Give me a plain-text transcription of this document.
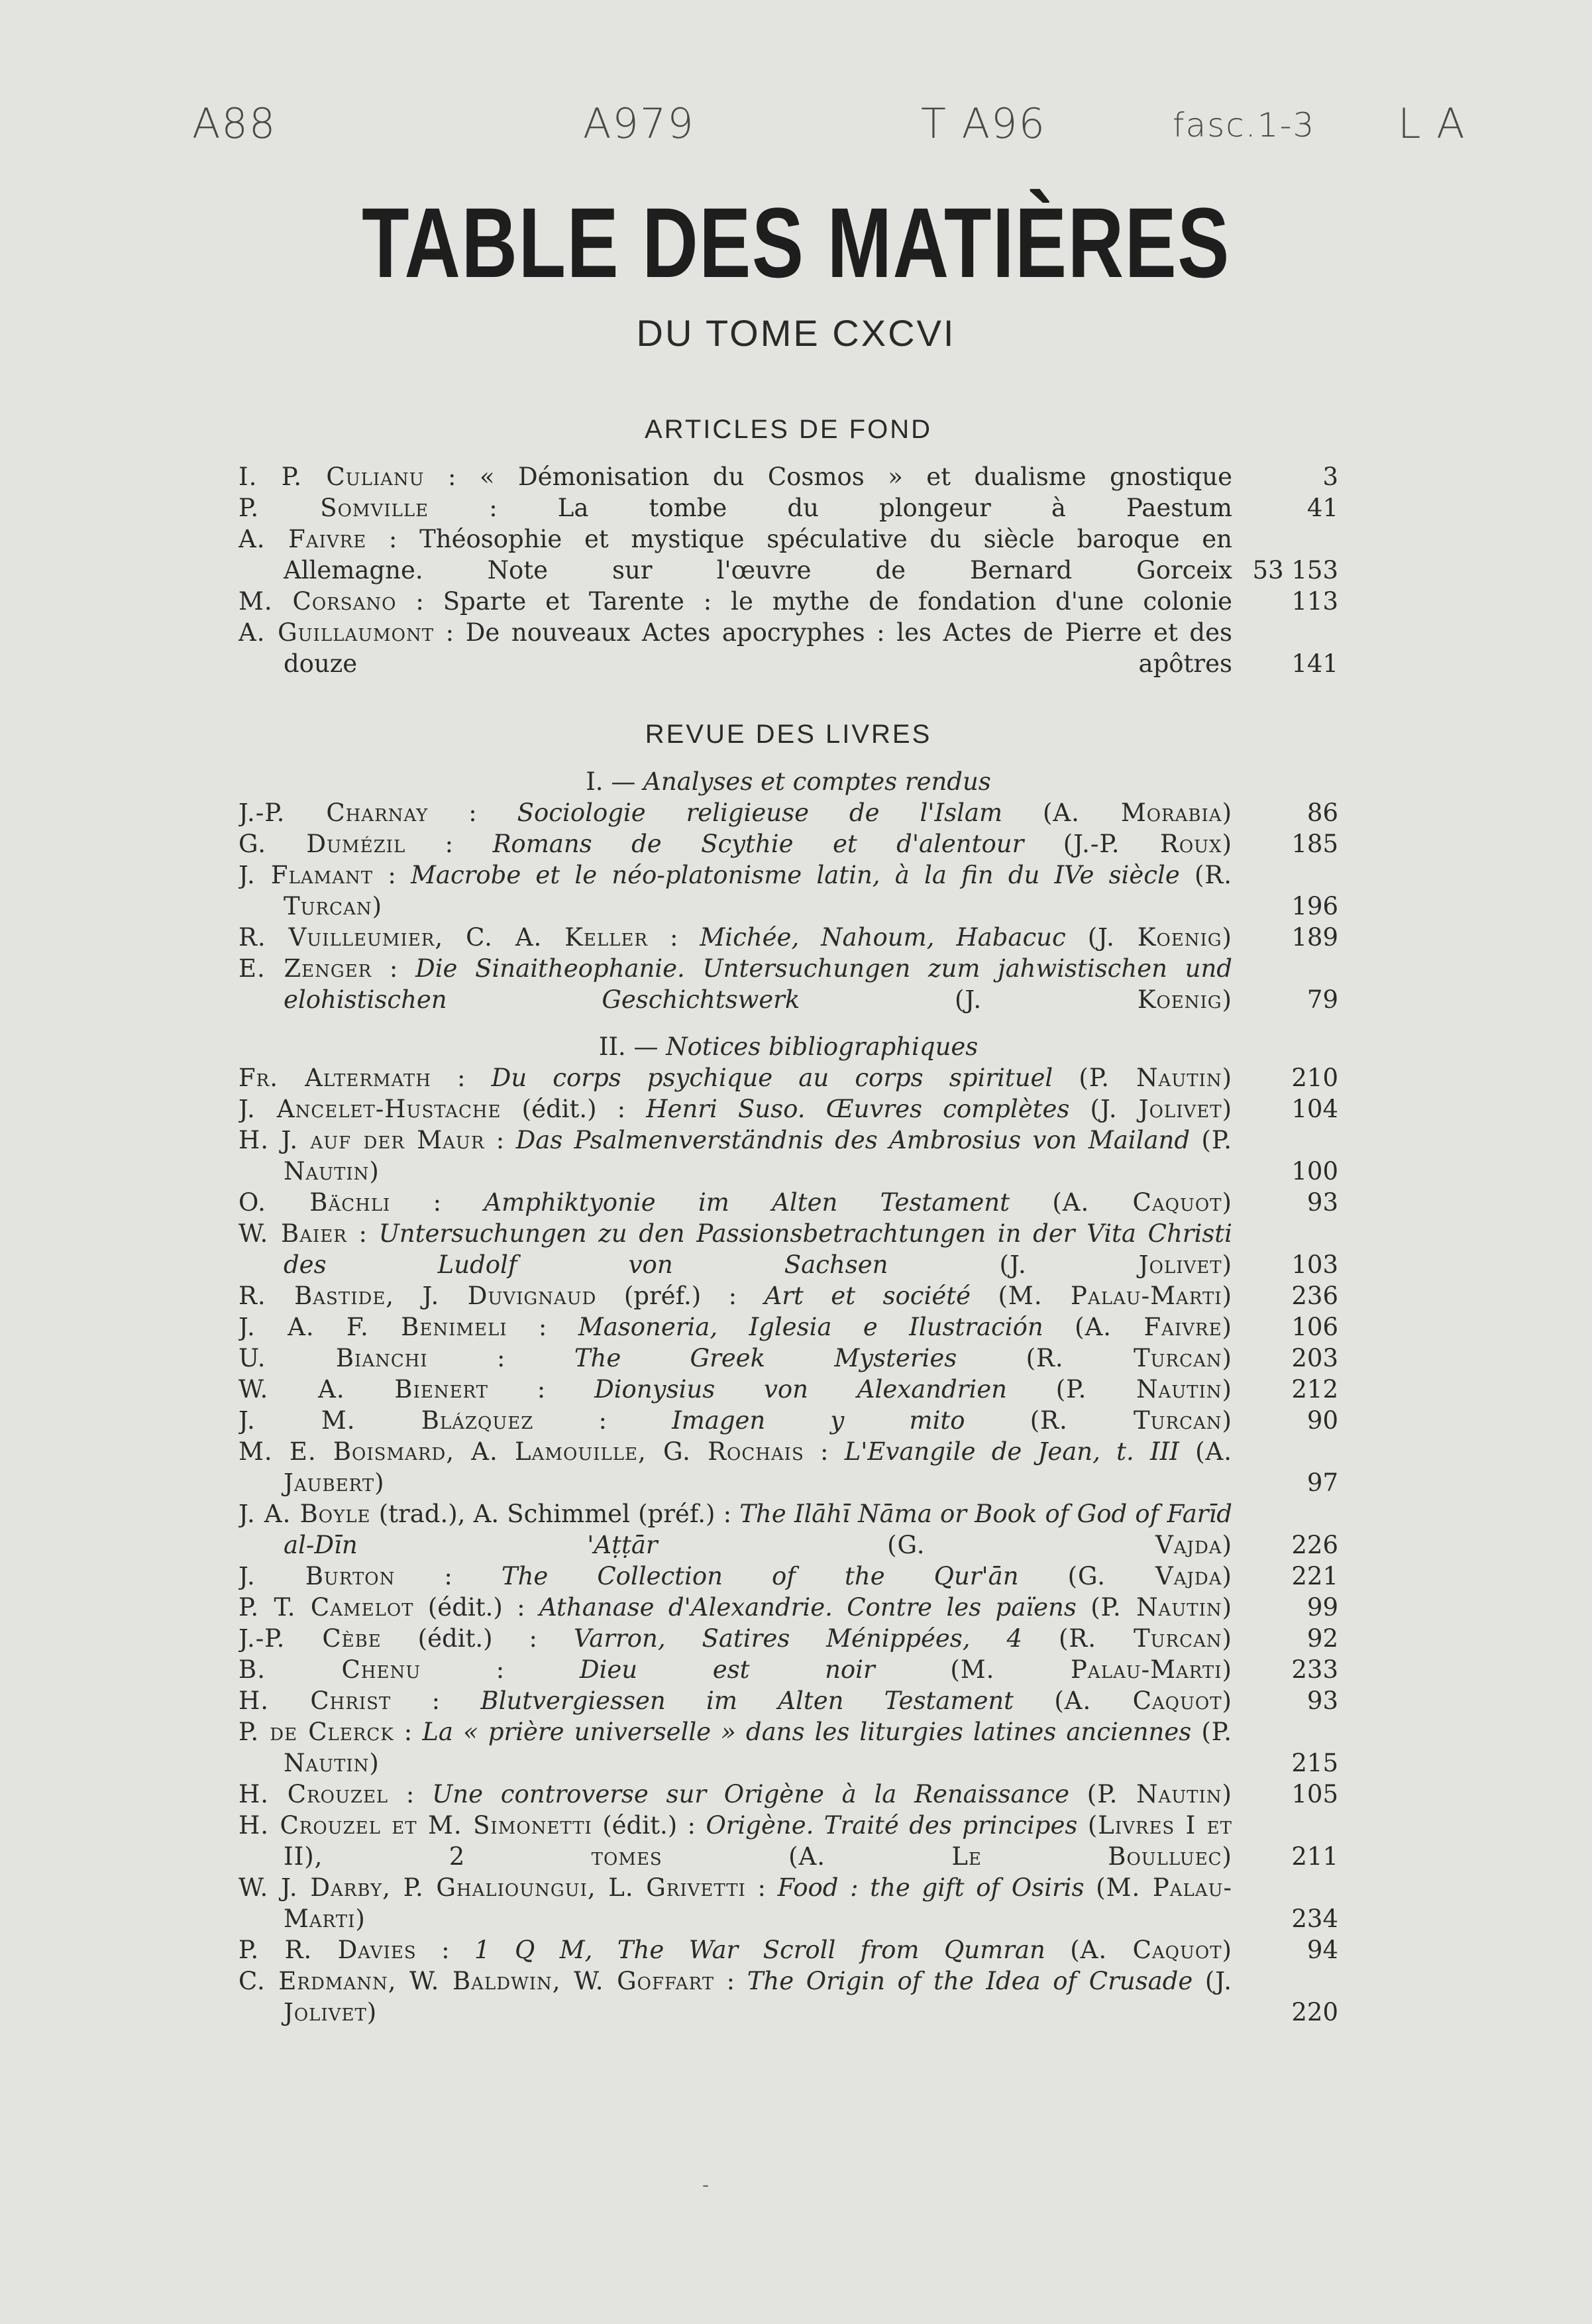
A88	A979	T A96	fasc.1-3 L A
TABLE DES MATIÈRES
DU TOME CXCVI
ARTICLES DE FOND
I. P. Culianu : « Démonisation du Cosmos » et dualisme gnostique	3
P. Somville : La tombe du plongeur à Paestum	41
A. Faivre : Théosophie et mystique spéculative du siècle baroque en Allemagne. Note sur l'œuvre de Bernard Gorceix 53 153
M. Corsano : Sparte et Tarente : le mythe de fondation d'une colonie	113
A. Guillaumont : De nouveaux Actes apocryphes : les Actes de Pierre et des douze apôtres	141
REVUE DES LIVRES
I. — Analyses et comptes rendus
J.-P. Charnay : Sociologie religieuse de l'Islam (A. Morabia)	86
G. Dumézil : Romans de Scythie et d'alentour (J.-P. Roux)	185
J. Flamant : Macrobe et le néo-platonisme latin, à la fin du IVe siècle (R. Turcan)	196
R. Vuilleumier, C. A. Keller : Michée, Nahoum, Habacuc (J. Koenig)	189
E. Zenger : Die Sinaitheophanie. Untersuchungen zum jahwistischen und elohistischen Geschichtswerk	(J. Koenig)	79
II. — Notices bibliographiques
Fr. Altermath : Du corps psychique au corps spirituel (P. Nautin)	210
J. Ancelet-Hustache (édit.) : Henri Suso. Œuvres complètes (J. Jolivet)	104
H. J. auf der Maur : Das Psalmenverständnis des Ambrosius von Mailand (P. Nautin)	100
O. Bächli : Amphiktyonie im Alten Testament (A. Caquot)	93
W. Baier : Untersuchungen zu den Passionsbetrachtungen in der Vita Christi des Ludolf von Sachsen	(J. Jolivet)	103
R. Bastide, J. Duvignaud (préf.) : Art et société (M. Palau-Marti)	236
J. A. F. Benimeli : Masoneria, Iglesia e Ilustración (A. Faivre)	106
U. Bianchi : The Greek Mysteries	(R. Turcan)	203
W. A. Bienert : Dionysius von Alexandrien (P. Nautin)	212
J. M. Blázquez : Imagen y mito	(R. Turcan)	90
M. E. Boismard, A. Lamouille, G. Rochais : L'Evangile de Jean, t. III (A. Jaubert)	97
J. A. Boyle (trad.), A. Schimmel (préf.) : The Ilāhī Nāma or Book of God of Farīd al-Dīn 'Aṭṭār	(G. Vajda)	226
J. Burton : The Collection of the Qur'ān (G. Vajda)	221
P. T. Camelot (édit.) : Athanase d'Alexandrie. Contre les païens (P. Nautin)	99
J.-P. Cèbe (édit.) : Varron, Satires Ménippées, 4 (R. Turcan)	92
B. Chenu : Dieu est noir	(M. Palau-Marti)	233
H. Christ : Blutvergiessen im Alten Testament (A. Caquot)	93
P. de Clerck : La « prière universelle » dans les liturgies latines anciennes (P. Nautin)	215
H. Crouzel : Une controverse sur Origène à la Renaissance (P. Nautin)	105
H. Crouzel et M. Simonetti (édit.) : Origène. Traité des principes (Livres I et II), 2 tomes (A. Le Boulluec)	211
W. J. Darby, P. Ghalioungui, L. Grivetti : Food : the gift of Osiris (M. Palau-Marti)	234
P. R. Davies : 1 Q M, The War Scroll from Qumran (A. Caquot)	94
C. Erdmann, W. Baldwin, W. Goffart : The Origin of the Idea of Crusade (J. Jolivet)	220
-
